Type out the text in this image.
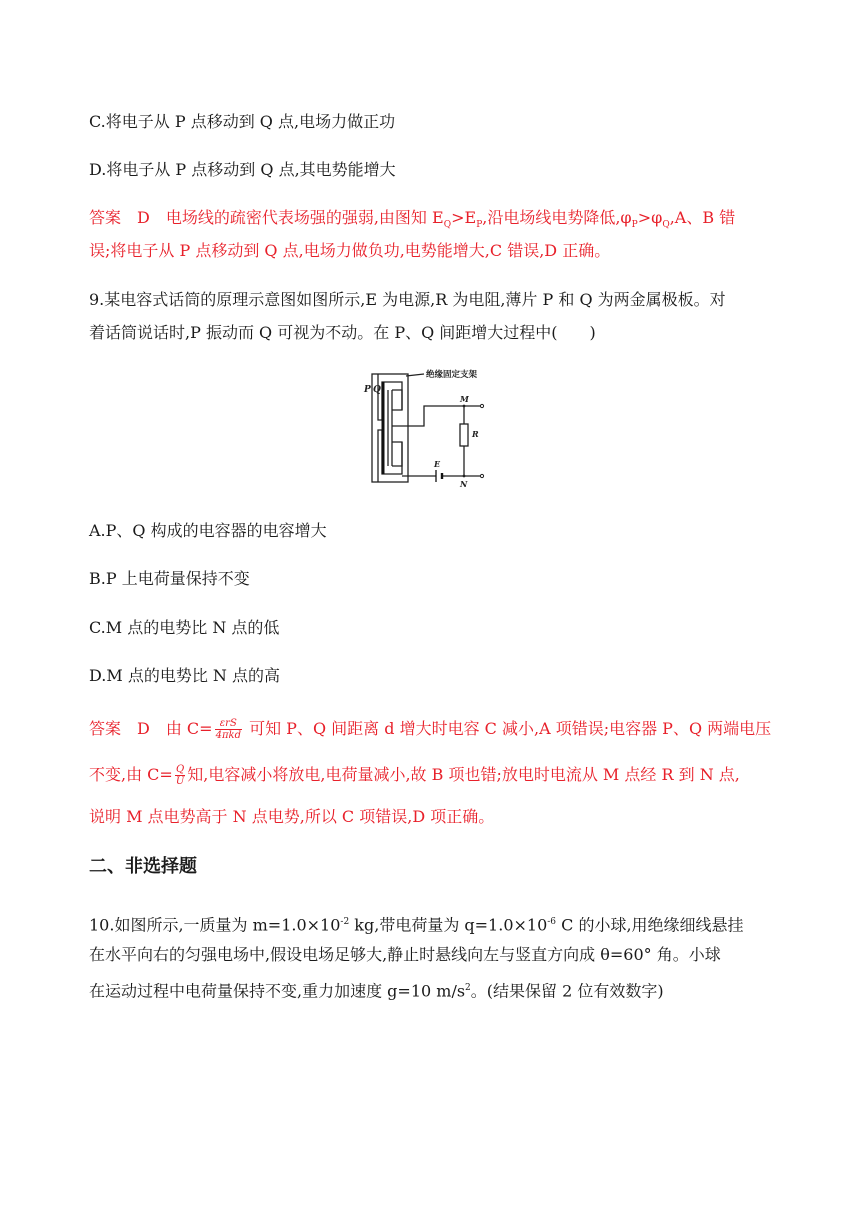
C.将电子从 P 点移动到 Q 点,电场力做正功
D.将电子从 P 点移动到 Q 点,其电势能增大
答案 D 电场线的疏密代表场强的强弱,由图知 $E_Q>E_P$,沿电场线电势降低$,\varphi_P>\varphi_Q,A$、B 错
误;将电子从 P 点移动到 Q 点,电场力做负功,电势能增大,C 错误,D 正确。
9.某电容式话筒的原理示意图如图所示,E 为电源,R 为电阻,薄片 P 和 Q 为两金属极板。对
着话筒说话时,P 振动而 Q 可视为不动。在 P、Q 间距增大过程中(　　)
绝缘固定支架
P Q
M
R
E
N
A.P、Q 构成的电容器的电容增大
B.P 上电荷量保持不变
C.M 点的电势比 N 点的低
D.M 点的电势比 N 点的高
答案 D 由 $C= \frac{\text{εrS}}{\text{4πkd}}$ 可知 P、Q 间距离 d 增大时电容 C 减小,A 项错误;电容器 P、Q 两端电压
不变,由 $C= \frac{Q}{U}$ 知,电容减小将放电,电荷量减小,故 B 项也错;放电时电流从 M 点经 R 到 N 点,
说明 M 点电势高于 N 点电势,所以 C 项错误,D 项正确。
二、非选择题
10.如图所示,一质量为 $m=1.0\times 10^{-2}$ kg,带电荷量为 $q=1.0\times 10^{-6}$ C 的小球,用绝缘细线悬挂
在水平向右的匀强电场中,假设电场足够大,静止时悬线向左与竖直方向成 θ=60° 角。小球
在运动过程中电荷量保持不变,重力加速度 g=10 $m/s^2$。(结果保留 2 位有效数字)
